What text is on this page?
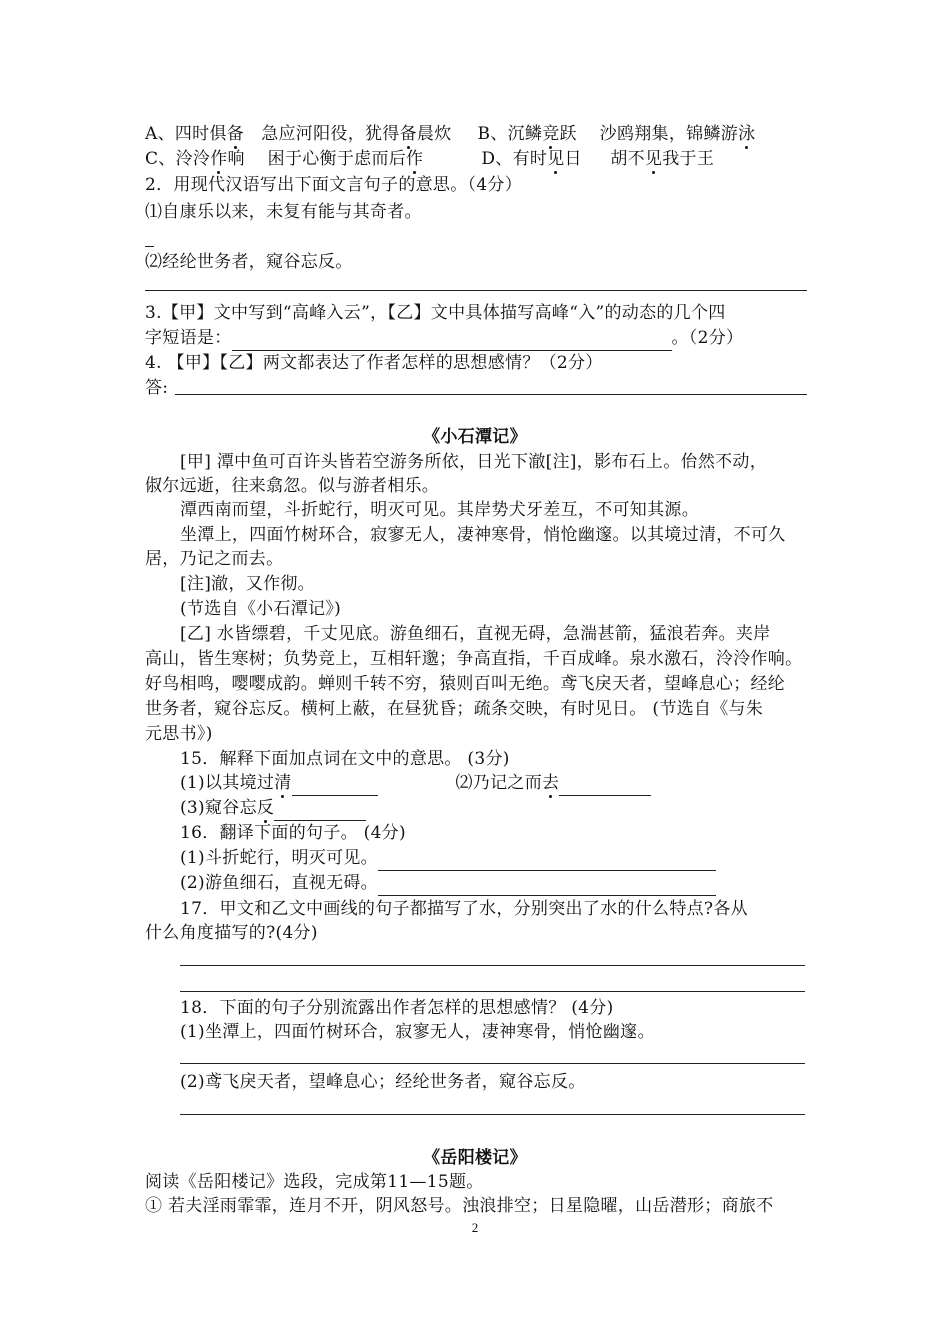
A、四时俱备   急应河阳役，犹得备晨炊 B、沉鳞竞跃    沙鸥翔集，锦鳞游泳
C、泠泠作响    困于心衡于虑而后作	D、有时见日     胡不见我于王
2．用现代汉语写出下面文言句子的意思。（4分）
⑴自康乐以来，未复有能与其奇者。
⑵经纶世务者，窥谷忘反。
3.【甲】文中写到“高峰入云”，【乙】文中具体描写高峰“入”的动态的几个四
字短语是：	。（2分）
4. 【甲】【乙】两文都表达了作者怎样的思想感情？（2分）
答:
《小石潭记》
[甲] 潭中鱼可百许头皆若空游务所依，日光下澈[注]，影布石上。佁然不动，
俶尔远逝，往来翕忽。似与游者相乐。
潭西南而望，斗折蛇行，明灭可见。其岸势犬牙差互，不可知其源。
坐潭上，四面竹树环合，寂寥无人，凄神寒骨，悄怆幽邃。以其境过清，不可久
居，乃记之而去。
[注]澈，又作彻。
(节选自《小石潭记》)
[乙] 水皆缥碧，千丈见底。游鱼细石，直视无碍，急湍甚箭，猛浪若奔。夹岸
高山，皆生寒树；负势竞上，互相轩邈；争高直指，千百成峰。泉水激石，泠泠作响。
好鸟相鸣，嘤嘤成韵。蝉则千转不穷，猿则百叫无绝。鸢飞戾天者，望峰息心；经纶
世务者，窥谷忘反。横柯上蔽，在昼犹昏；疏条交映，有时见日。 (节选自《与朱
元思书》)
15．解释下面加点词在文中的意思。 (3分)
(1)以其境过清	⑵乃记之而去
(3)窥谷忘反
16．翻译下面的句子。 (4分)
(1)斗折蛇行，明灭可见。
(2)游鱼细石，直视无碍。
17．甲文和乙文中画线的句子都描写了水，分别突出了水的什么特点?各从
什么角度描写的?(4分)
18．下面的句子分别流露出作者怎样的思想感情？ (4分)
(1)坐潭上，四面竹树环合，寂寥无人，凄神寒骨，悄怆幽邃。
(2)鸢飞戾天者，望峰息心；经纶世务者，窥谷忘反。
《岳阳楼记》
阅读《岳阳楼记》选段，完成第11—15题。
① 若夫淫雨霏霏，连月不开，阴风怒号。浊浪排空；日星隐曜，山岳潜形；商旅不
2
